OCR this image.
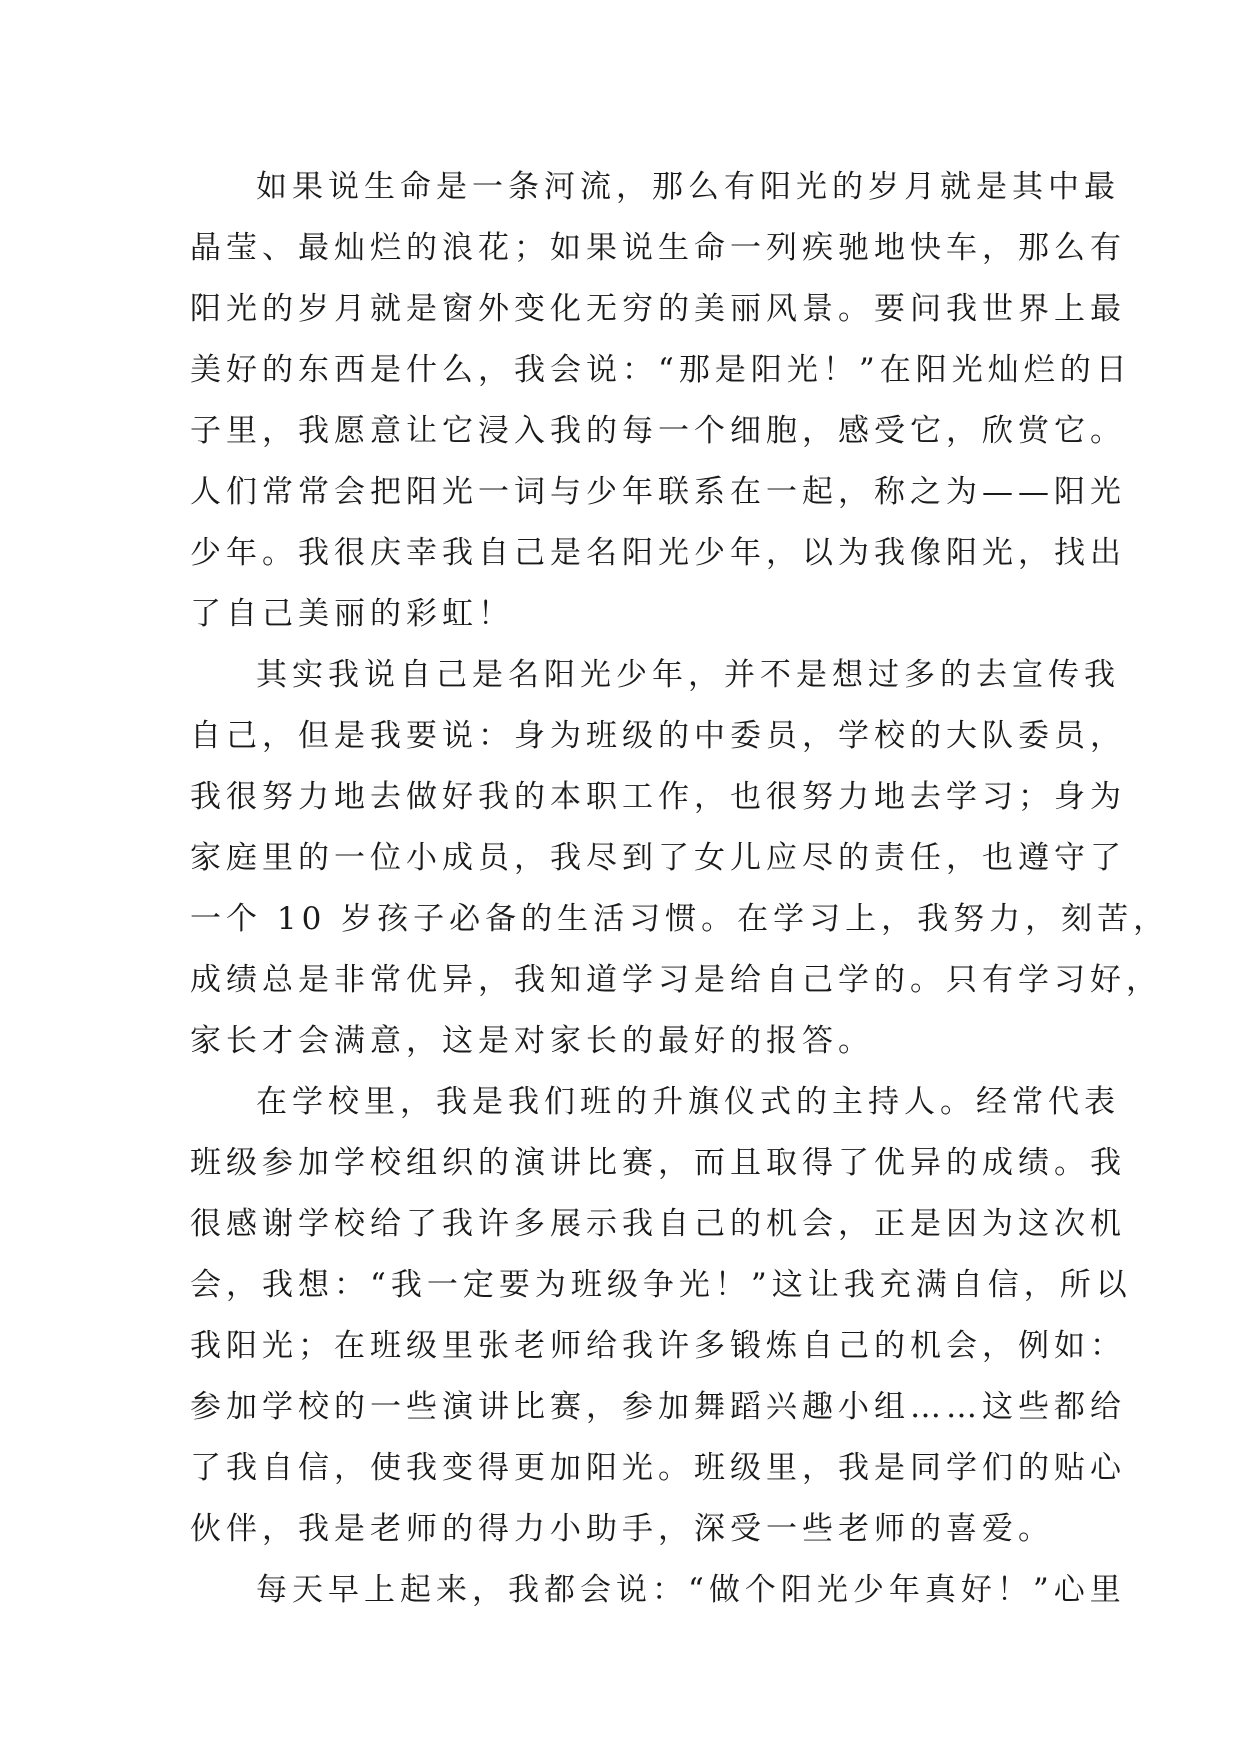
如果说生命是一条河流，那么有阳光的岁月就是其中最
晶莹、最灿烂的浪花；如果说生命一列疾驰地快车，那么有
阳光的岁月就是窗外变化无穷的美丽风景。要问我世界上最
美好的东西是什么，我会说：“那是阳光！”在阳光灿烂的日
子里，我愿意让它浸入我的每一个细胞，感受它，欣赏它。
人们常常会把阳光一词与少年联系在一起，称之为——阳光
少年。我很庆幸我自己是名阳光少年，以为我像阳光，找出
了自己美丽的彩虹！
其实我说自己是名阳光少年，并不是想过多的去宣传我
自己，但是我要说：身为班级的中委员，学校的大队委员，
我很努力地去做好我的本职工作，也很努力地去学习；身为
家庭里的一位小成员，我尽到了女儿应尽的责任，也遵守了
一个 10 岁孩子必备的生活习惯。在学习上，我努力，刻苦，
成绩总是非常优异，我知道学习是给自己学的。只有学习好，
家长才会满意，这是对家长的最好的报答。
在学校里，我是我们班的升旗仪式的主持人。经常代表
班级参加学校组织的演讲比赛，而且取得了优异的成绩。我
很感谢学校给了我许多展示我自己的机会，正是因为这次机
会，我想：“我一定要为班级争光！”这让我充满自信，所以
我阳光；在班级里张老师给我许多锻炼自己的机会，例如：
参加学校的一些演讲比赛，参加舞蹈兴趣小组……这些都给
了我自信，使我变得更加阳光。班级里，我是同学们的贴心
伙伴，我是老师的得力小助手，深受一些老师的喜爱。
每天早上起来，我都会说：“做个阳光少年真好！”心里
